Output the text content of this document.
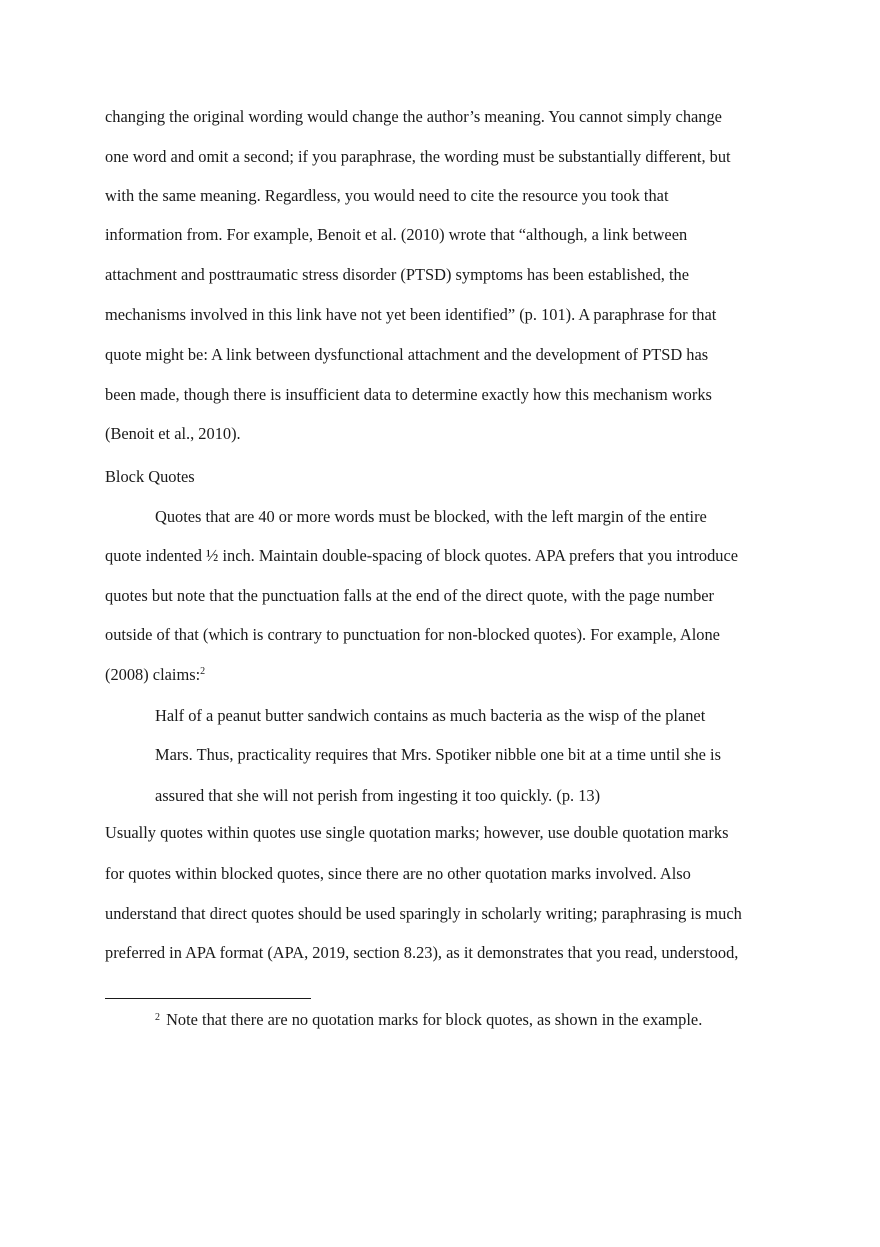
changing the original wording would change the author’s meaning. You cannot simply change
one word and omit a second; if you paraphrase, the wording must be substantially different, but
with the same meaning. Regardless, you would need to cite the resource you took that
information from. For example, Benoit et al. (2010) wrote that “although, a link between
attachment and posttraumatic stress disorder (PTSD) symptoms has been established, the
mechanisms involved in this link have not yet been identified” (p. 101). A paraphrase for that
quote might be: A link between dysfunctional attachment and the development of PTSD has
been made, though there is insufficient data to determine exactly how this mechanism works
(Benoit et al., 2010).
Block Quotes
Quotes that are 40 or more words must be blocked, with the left margin of the entire
quote indented ½ inch. Maintain double-spacing of block quotes. APA prefers that you introduce
quotes but note that the punctuation falls at the end of the direct quote, with the page number
outside of that (which is contrary to punctuation for non-blocked quotes). For example, Alone
(2008) claims:$^2$
Half of a peanut butter sandwich contains as much bacteria as the wisp of the planet
Mars. Thus, practicality requires that Mrs. Spotiker nibble one bit at a time until she is
assured that she will not perish from ingesting it too quickly. (p. 13)
Usually quotes within quotes use single quotation marks; however, use double quotation marks
for quotes within blocked quotes, since there are no other quotation marks involved. Also
understand that direct quotes should be used sparingly in scholarly writing; paraphrasing is much
preferred in APA format (APA, 2019, section 8.23), as it demonstrates that you read, understood,
$^2$ Note that there are no quotation marks for block quotes, as shown in the example.
